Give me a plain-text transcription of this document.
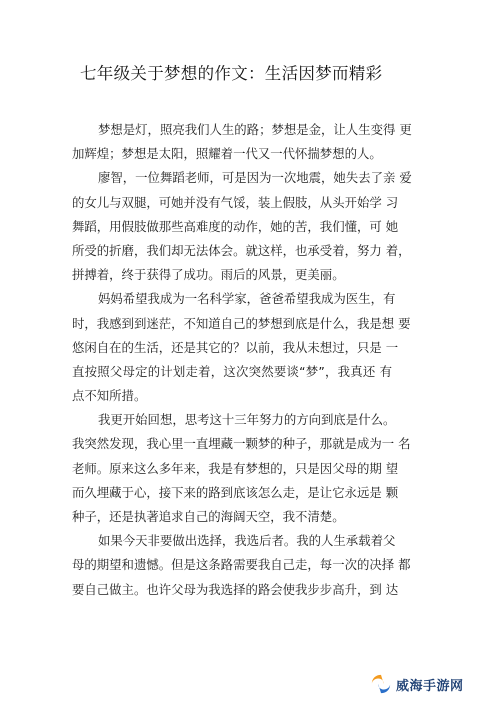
七年级关于梦想的作文：生活因梦而精彩
梦想是灯，照亮我们人生的路；梦想是金，让人生变得 更
加辉煌；梦想是太阳，照耀着一代又一代怀揣梦想的人。
廖智，一位舞蹈老师，可是因为一次地震，她失去了亲 爱
的女儿与双腿，可她并没有气馁，装上假肢，从头开始学 习
舞蹈，用假肢做那些高难度的动作，她的苦，我们懂，可 她
所受的折磨，我们却无法体会。就这样，也承受着，努力 着，
拼搏着，终于获得了成功。雨后的风景，更美丽。
妈妈希望我成为一名科学家，爸爸希望我成为医生，有
时，我感到到迷茫，不知道自己的梦想到底是什么，我是想 要
悠闲自在的生活，还是其它的？以前，我从未想过，只是 一
直按照父母定的计划走着，这次突然要谈“梦”，我真还 有
点不知所措。
我更开始回想，思考这十三年努力的方向到底是什么。
我突然发现，我心里一直埋藏一颗梦的种子，那就是成为一 名
老师。原来这么多年来，我是有梦想的，只是因父母的期 望
而久埋藏于心，接下来的路到底该怎么走，是让它永远是 颗
种子，还是执著追求自己的海阔天空，我不清楚。
如果今天非要做出选择，我选后者。我的人生承载着父
母的期望和遗憾。但是这条路需要我自己走，每一次的决择 都
要自己做主。也许父母为我选择的路会使我步步高升，到 达
威海手游网
